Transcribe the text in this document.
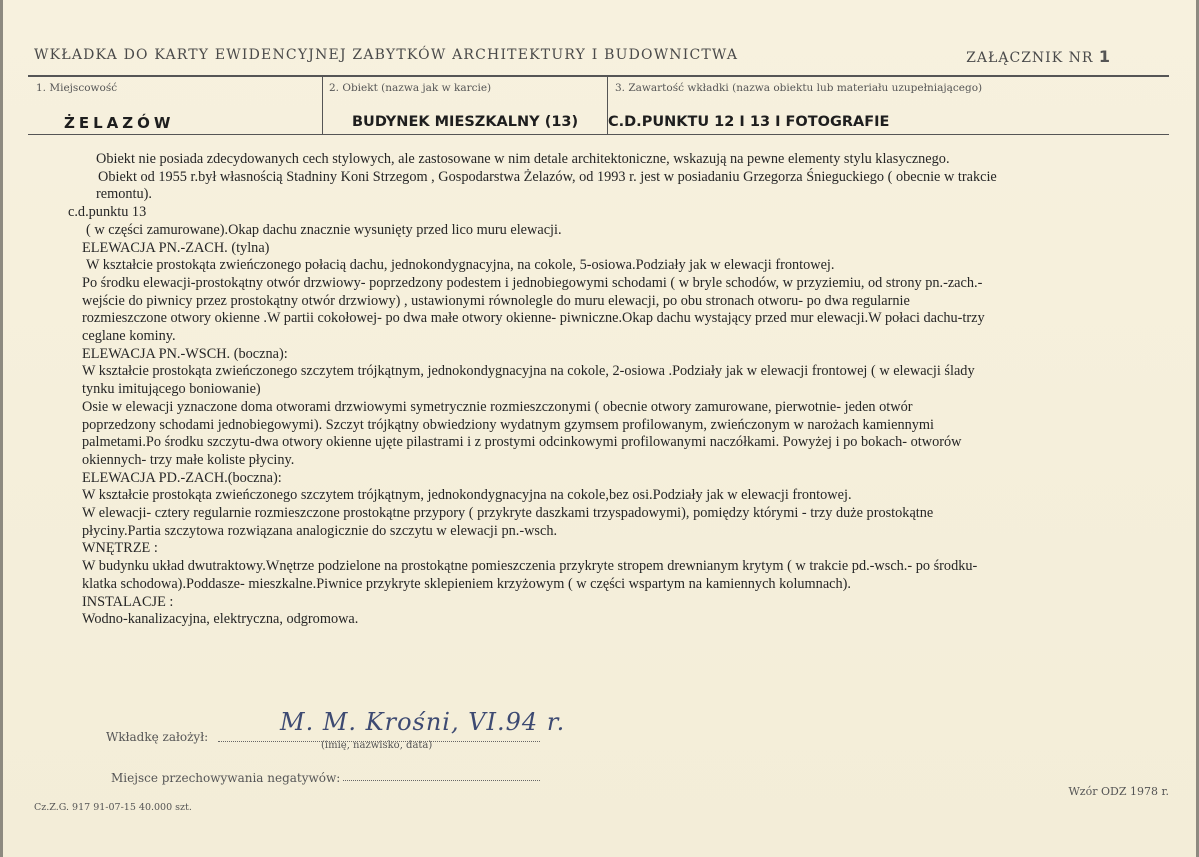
WKŁADKA DO KARTY EWIDENCYJNEJ ZABYTKÓW ARCHITEKTURY I BUDOWNICTWA	ZAŁĄCZNIK NR 1
1. Miejscowość
ŻELAZÓW
2. Obiekt (nazwa jak w karcie)
BUDYNEK MIESZKALNY (13)
3. Zawartość wkładki (nazwa obiektu lub materiału uzupełniającego)
C.D.PUNKTU 12 I 13 I FOTOGRAFIE

Obiekt nie posiada zdecydowanych cech stylowych, ale zastosowane w nim detale architektoniczne, wskazują na pewne elementy stylu klasycznego.

Obiekt od 1955 r.był własnością Stadniny Koni Strzegom , Gospodarstwa Żelazów, od 1993 r. jest w posiadaniu Grzegorza Śnieguckiego ( obecnie w trakcie

remontu).

c.d.punktu 13

( w części zamurowane).Okap dachu znacznie wysunięty przed lico muru elewacji.

ELEWACJA PN.-ZACH. (tylna)

W kształcie prostokąta zwieńczonego połacią dachu, jednokondygnacyjna, na cokole, 5-osiowa.Podziały jak w elewacji frontowej.

Po środku elewacji-prostokątny otwór drzwiowy- poprzedzony podestem i jednobiegowymi schodami ( w bryle schodów, w przyziemiu, od strony pn.-zach.-

wejście do piwnicy przez prostokątny otwór drzwiowy) , ustawionymi równolegle do muru elewacji, po obu stronach otworu- po dwa regularnie

rozmieszczone otwory okienne .W partii cokołowej- po dwa małe otwory okienne- piwniczne.Okap dachu wystający przed mur elewacji.W połaci dachu-trzy

ceglane kominy.

ELEWACJA PN.-WSCH. (boczna):

W kształcie prostokąta zwieńczonego szczytem trójkątnym, jednokondygnacyjna na cokole, 2-osiowa .Podziały jak w elewacji frontowej ( w elewacji ślady

tynku imitującego boniowanie)

Osie w elewacji yznaczone doma otworami drzwiowymi symetrycznie rozmieszczonymi ( obecnie otwory zamurowane, pierwotnie- jeden otwór

poprzedzony schodami jednobiegowymi). Szczyt trójkątny obwiedziony wydatnym gzymsem profilowanym, zwieńczonym w narożach kamiennymi

palmetami.Po środku szczytu-dwa otwory okienne ujęte pilastrami i z prostymi odcinkowymi profilowanymi naczółkami. Powyżej i po bokach- otworów

okiennych- trzy małe koliste płyciny.

ELEWACJA PD.-ZACH.(boczna):

W kształcie prostokąta zwieńczonego szczytem trójkątnym, jednokondygnacyjna na cokole,bez osi.Podziały jak w elewacji frontowej.

W elewacji- cztery regularnie rozmieszczone prostokątne przypory ( przykryte daszkami trzyspadowymi), pomiędzy którymi - trzy duże prostokątne

płyciny.Partia szczytowa rozwiązana analogicznie do szczytu w elewacji pn.-wsch.

WNĘTRZE :

W budynku układ dwutraktowy.Wnętrze podzielone na prostokątne pomieszczenia przykryte stropem drewnianym krytym ( w trakcie pd.-wsch.- po środku-

klatka schodowa).Poddasze- mieszkalne.Piwnice przykryte sklepieniem krzyżowym ( w części wspartym na kamiennych kolumnach).

INSTALACJE :

Wodno-kanalizacyjna, elektryczna, odgromowa.

Wkładkę założył:
M. M. Krośni, VI.94 r.
(imię, nazwisko, data)
Miejsce przechowywania negatywów:
Cz.Z.G. 917 91-07-15 40.000 szt.
Wzór ODZ 1978 r.
